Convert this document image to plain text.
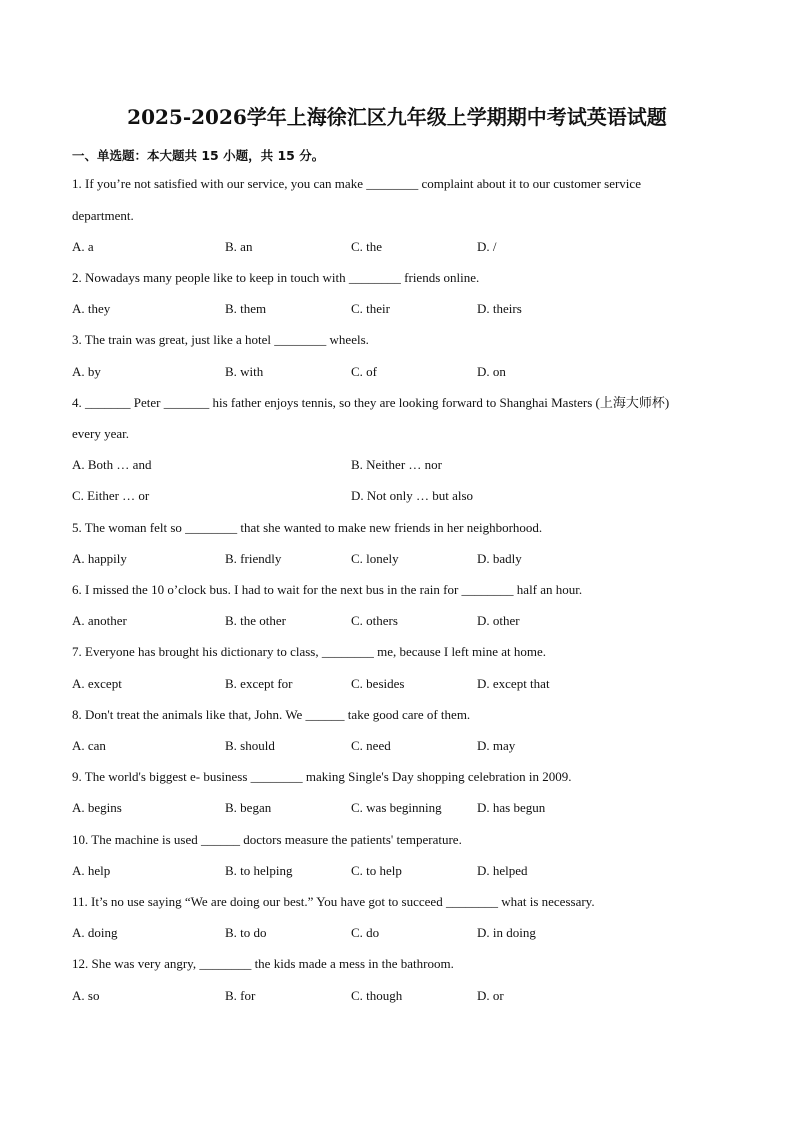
2025-2026学年上海徐汇区九年级上学期期中考试英语试题
一、单选题：本大题共 15 小题，共 15 分。
1. If you’re not satisfied with our service, you can make ________ complaint about it to our customer service
department.
A. a	B. an	C. the	D. /
2. Nowadays many people like to keep in touch with ________ friends online.
A. they	B. them	C. their	D. theirs
3. The train was great, just like a hotel ________ wheels.
A. by	B. with	C. of	D. on
4. _______ Peter _______ his father enjoys tennis, so they are looking forward to Shanghai Masters (上海大师杯)
every year.
A. Both … and	B. Neither … nor
C. Either … or	D. Not only … but also
5. The woman felt so ________ that she wanted to make new friends in her neighborhood.
A. happily	B. friendly	C. lonely	D. badly
6. I missed the 10 o’clock bus. I had to wait for the next bus in the rain for ________ half an hour.
A. another	B. the other	C. others	D. other
7. Everyone has brought his dictionary to class, ________ me, because I left mine at home.
A. except	B. except for	C. besides	D. except that
8. Don't treat the animals like that, John. We ______ take good care of them.
A. can	B. should	C. need	D. may
9. The world's biggest e- business ________ making Single's Day shopping celebration in 2009.
A. begins	B. began	C. was beginning	D. has begun
10. The machine is used ______ doctors measure the patients' temperature.
A. help	B. to helping	C. to help	D. helped
11. It’s no use saying “We are doing our best.” You have got to succeed ________ what is necessary.
A. doing	B. to do	C. do	D. in doing
12. She was very angry, ________ the kids made a mess in the bathroom.
A. so	B. for	C. though	D. or
